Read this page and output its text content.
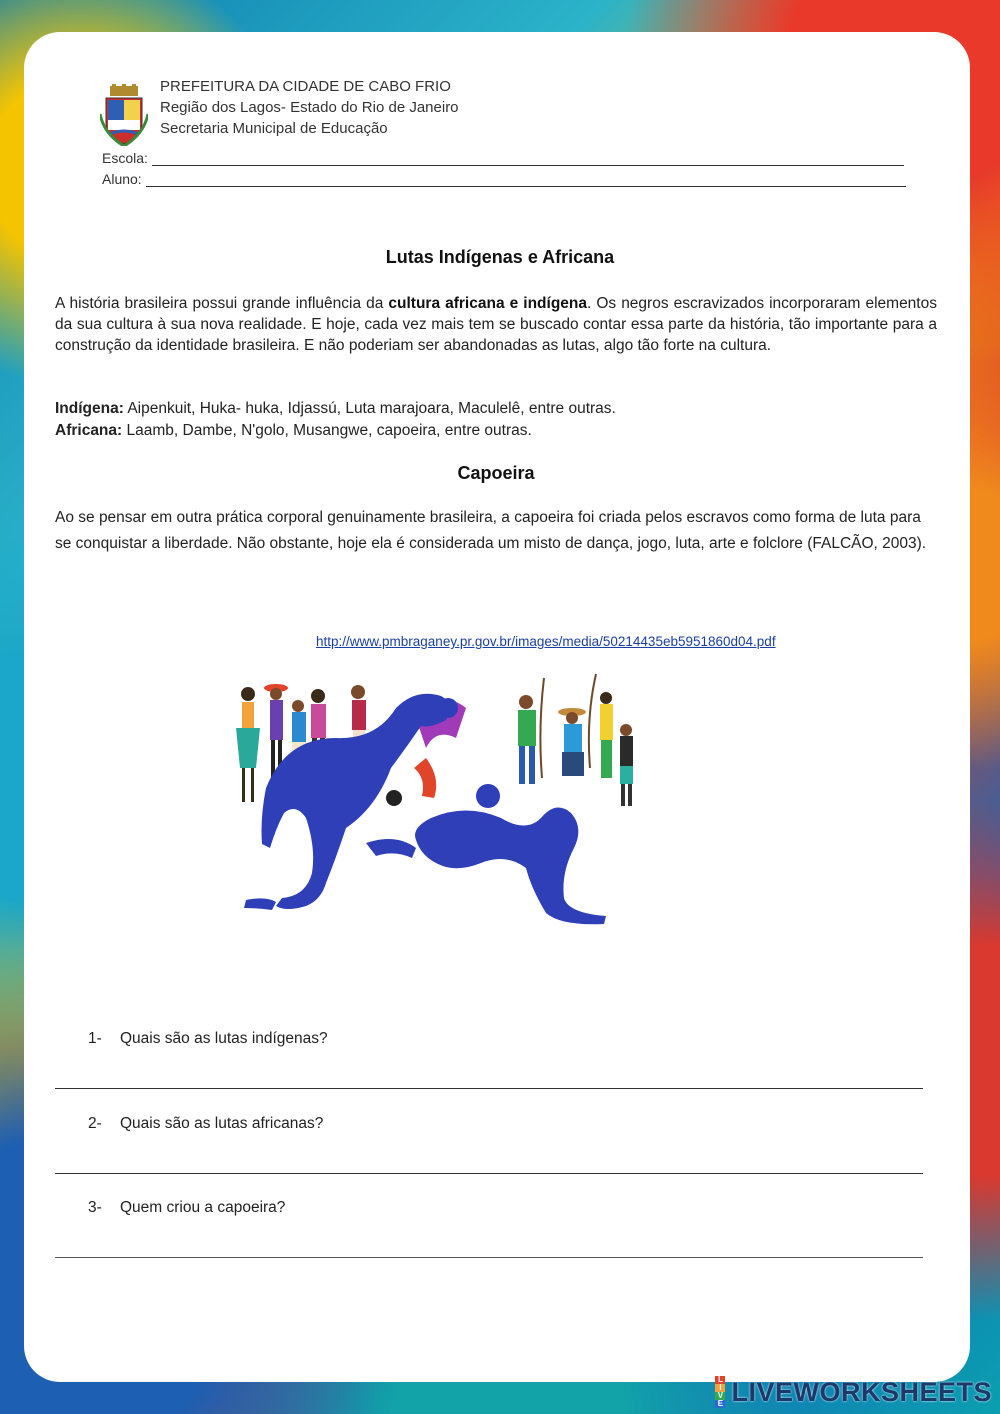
PREFEITURA DA CIDADE DE CABO FRIO
Região dos Lagos- Estado do Rio de Janeiro
Secretaria Municipal de Educação
Escola:
Aluno:
Lutas Indígenas e Africana
A história brasileira possui grande influência da cultura africana e indígena. Os negros escravizados incorporaram elementos da sua cultura à sua nova realidade. E hoje, cada vez mais tem se buscado contar essa parte da história, tão importante para a construção da identidade brasileira. E não poderiam ser abandonadas as lutas, algo tão forte na cultura.
Indígena: Aipenkuit, Huka- huka, Idjassú, Luta marajoara, Maculelê, entre outras.
Africana: Laamb, Dambe, N'golo, Musangwe, capoeira, entre outras.
Capoeira
Ao se pensar em outra prática corporal genuinamente brasileira, a capoeira foi criada pelos escravos como forma de luta para se conquistar a liberdade. Não obstante, hoje ela é considerada um misto de dança, jogo, luta, arte e folclore (FALCÃO, 2003).
http://www.pmbraganey.pr.gov.br/images/media/50214435eb5951860d04.pdf
1- Quais são as lutas indígenas?
2- Quais são as lutas africanas?
3- Quem criou a capoeira?
L
I
V
E LIVEWORKSHEETS
